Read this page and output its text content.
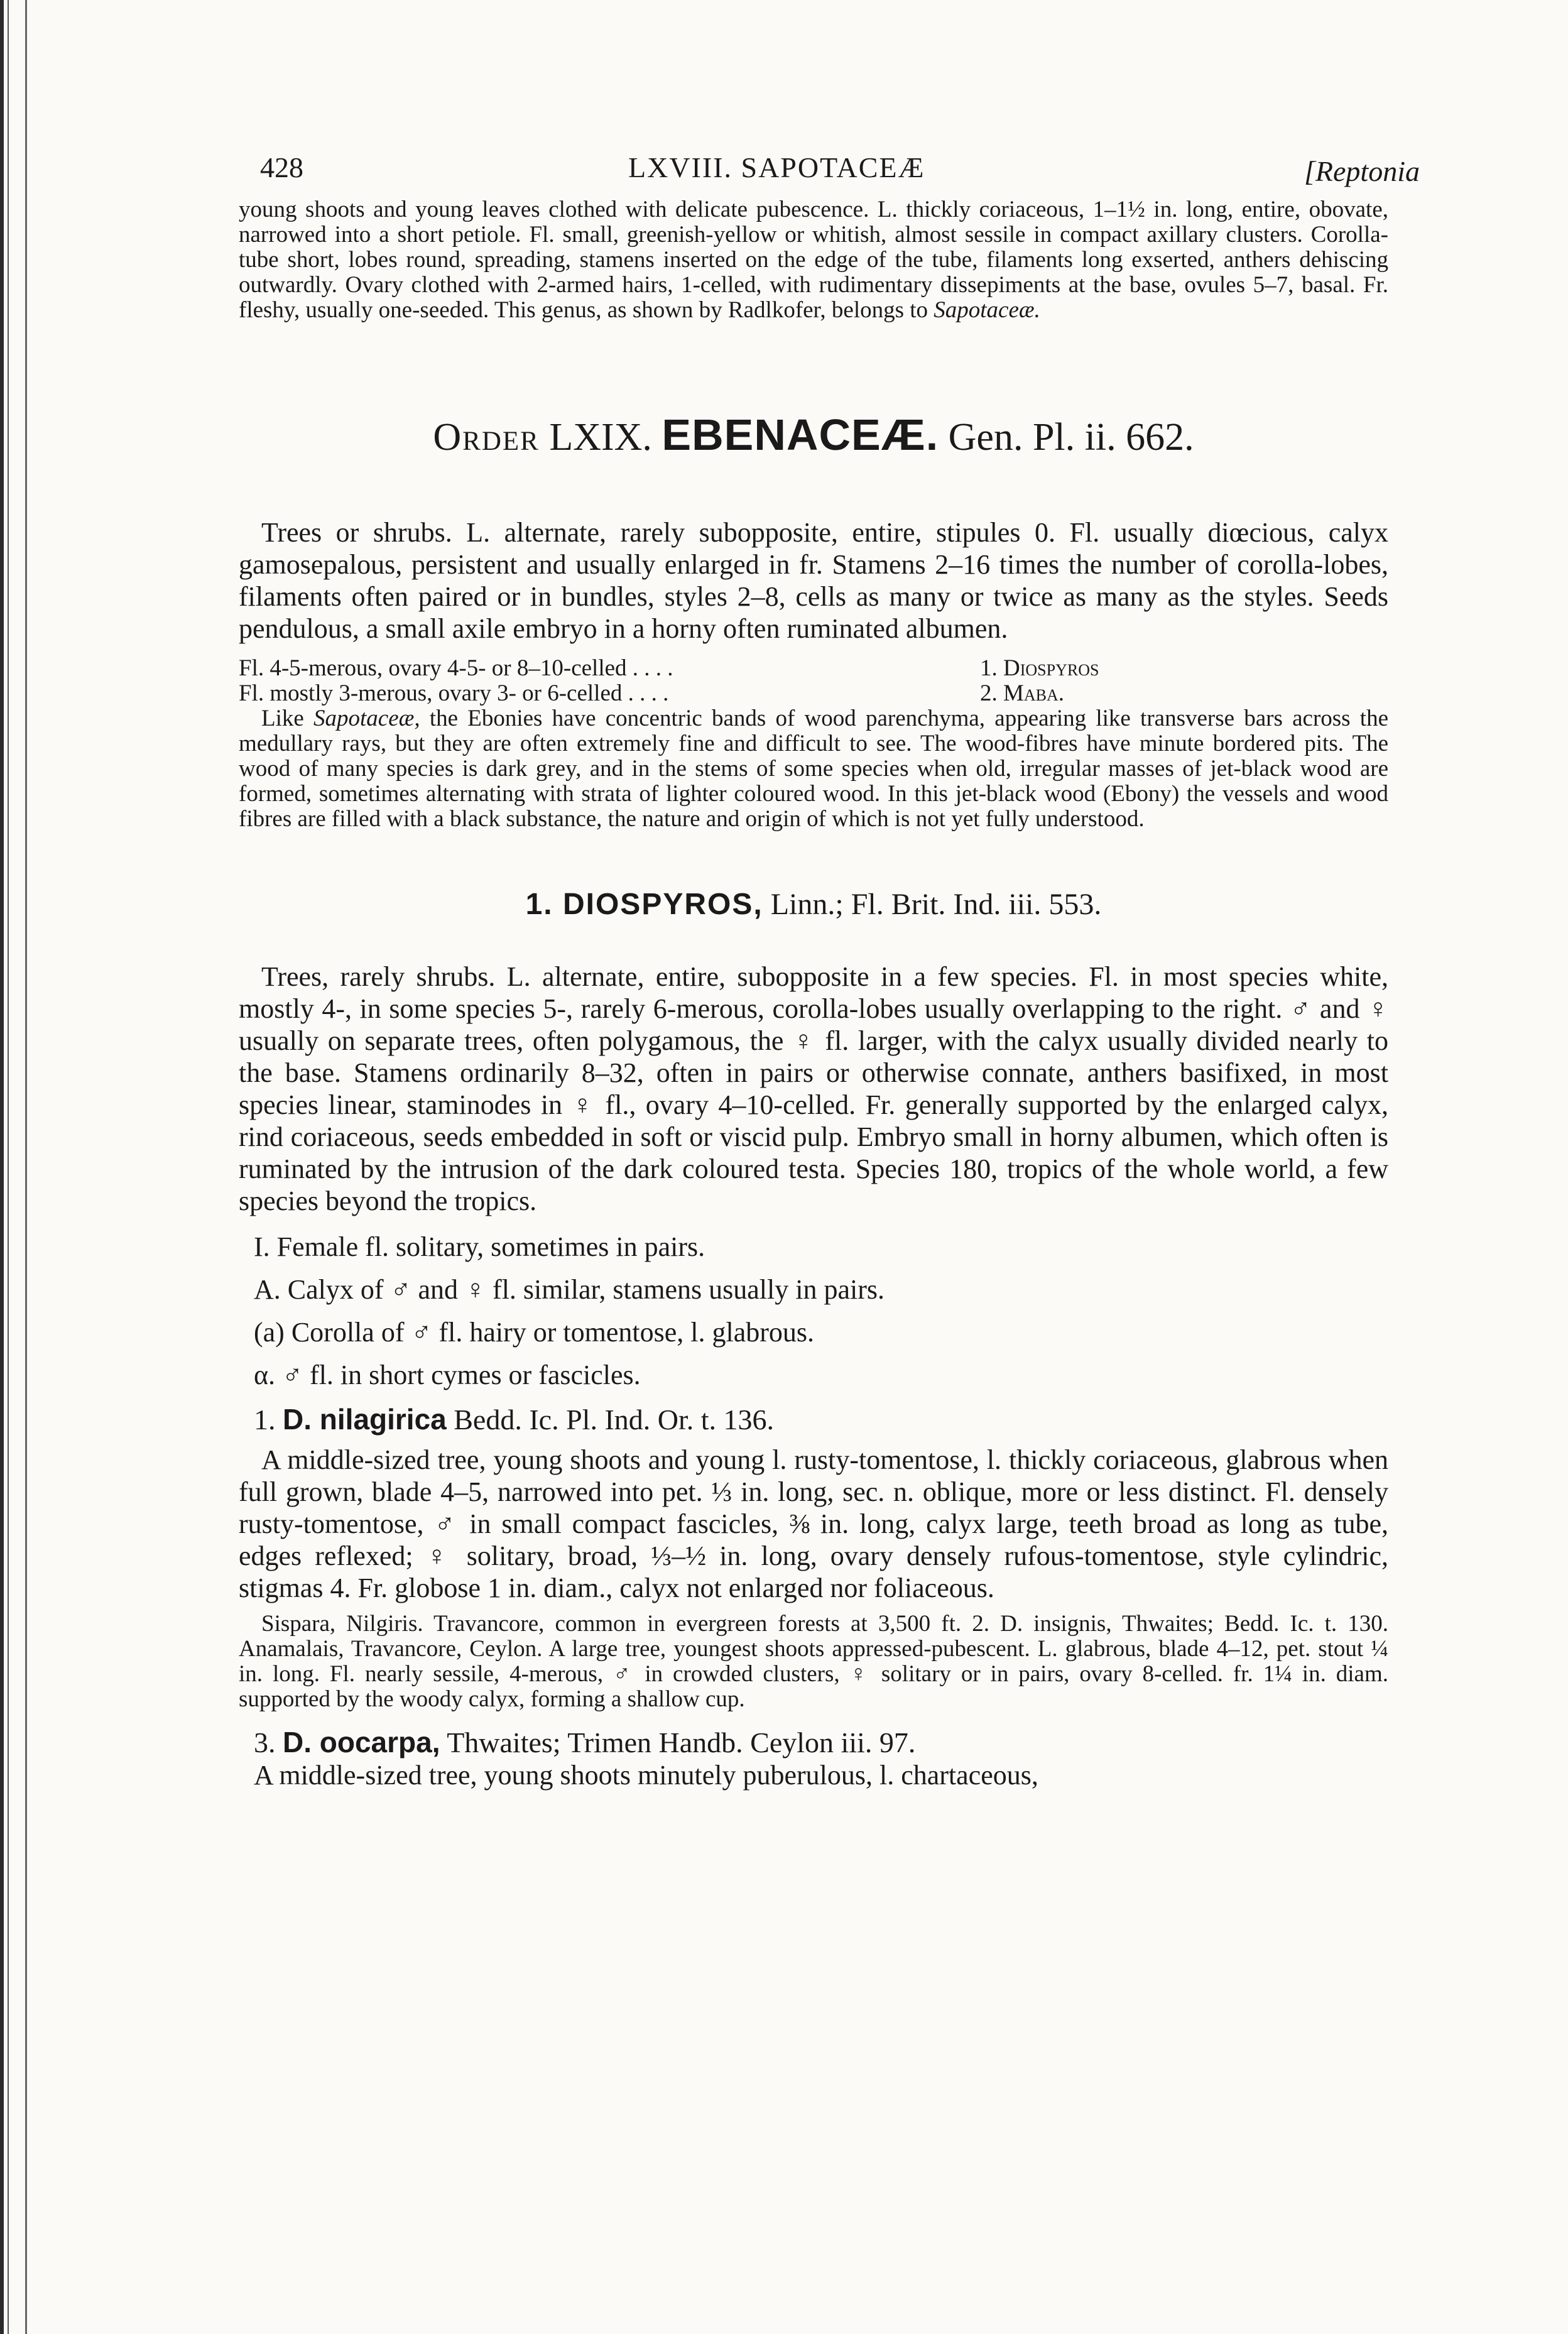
428	LXVIII. SAPOTACEÆ	[Reptonia

young shoots and young leaves clothed with delicate pubescence. L. thickly coriaceous, 1–1½ in. long, entire, obovate, narrowed into a short petiole. Fl. small, greenish-yellow or whitish, almost sessile in compact axillary clusters. Corolla-tube short, lobes round, spreading, stamens inserted on the edge of the tube, filaments long exserted, anthers dehiscing outwardly. Ovary clothed with 2-armed hairs, 1-celled, with rudimentary dissepiments at the base, ovules 5–7, basal. Fr. fleshy, usually one-seeded. This genus, as shown by Radlkofer, belongs to Sapotaceæ.

Order LXIX. EBENACEÆ. Gen. Pl. ii. 662.

Trees or shrubs. L. alternate, rarely subopposite, entire, stipules 0. Fl. usually diœcious, calyx gamosepalous, persistent and usually enlarged in fr. Stamens 2–16 times the number of corolla-lobes, filaments often paired or in bundles, styles 2–8, cells as many or twice as many as the styles. Seeds pendulous, a small axile embryo in a horny often ruminated albumen.

Fl. 4-5-merous, ovary 4-5- or 8–10-celled . . . .	1. Diospyros
Fl. mostly 3-merous, ovary 3- or 6-celled . . . .	2. Maba.

Like Sapotaceæ, the Ebonies have concentric bands of wood parenchyma, appearing like transverse bars across the medullary rays, but they are often extremely fine and difficult to see. The wood-fibres have minute bordered pits. The wood of many species is dark grey, and in the stems of some species when old, irregular masses of jet-black wood are formed, sometimes alternating with strata of lighter coloured wood. In this jet-black wood (Ebony) the vessels and wood fibres are filled with a black substance, the nature and origin of which is not yet fully understood.

1. DIOSPYROS, Linn.; Fl. Brit. Ind. iii. 553.

Trees, rarely shrubs. L. alternate, entire, subopposite in a few species. Fl. in most species white, mostly 4-, in some species 5-, rarely 6-merous, corolla-lobes usually overlapping to the right. ♂ and ♀ usually on separate trees, often polygamous, the ♀ fl. larger, with the calyx usually divided nearly to the base. Stamens ordinarily 8–32, often in pairs or otherwise connate, anthers basifixed, in most species linear, staminodes in ♀ fl., ovary 4–10-celled. Fr. generally supported by the enlarged calyx, rind coriaceous, seeds embedded in soft or viscid pulp. Embryo small in horny albumen, which often is ruminated by the intrusion of the dark coloured testa. Species 180, tropics of the whole world, a few species beyond the tropics.

I. Female fl. solitary, sometimes in pairs.

A. Calyx of ♂ and ♀ fl. similar, stamens usually in pairs.

(a) Corolla of ♂ fl. hairy or tomentose, l. glabrous.

α. ♂ fl. in short cymes or fascicles.

1. D. nilagirica Bedd. Ic. Pl. Ind. Or. t. 136.

A middle-sized tree, young shoots and young l. rusty-tomentose, l. thickly coriaceous, glabrous when full grown, blade 4–5, narrowed into pet. ⅓ in. long, sec. n. oblique, more or less distinct. Fl. densely rusty-tomentose, ♂ in small compact fascicles, ⅜ in. long, calyx large, teeth broad as long as tube, edges reflexed; ♀ solitary, broad, ⅓–½ in. long, ovary densely rufous-tomentose, style cylindric, stigmas 4. Fr. globose 1 in. diam., calyx not enlarged nor foliaceous.

Sispara, Nilgiris. Travancore, common in evergreen forests at 3,500 ft. 2. D. insignis, Thwaites; Bedd. Ic. t. 130. Anamalais, Travancore, Ceylon. A large tree, youngest shoots appressed-pubescent. L. glabrous, blade 4–12, pet. stout ¼ in. long. Fl. nearly sessile, 4-merous, ♂ in crowded clusters, ♀ solitary or in pairs, ovary 8-celled. fr. 1¼ in. diam. supported by the woody calyx, forming a shallow cup.

3. D. oocarpa, Thwaites; Trimen Handb. Ceylon iii. 97.

A middle-sized tree, young shoots minutely puberulous, l. chartaceous,
